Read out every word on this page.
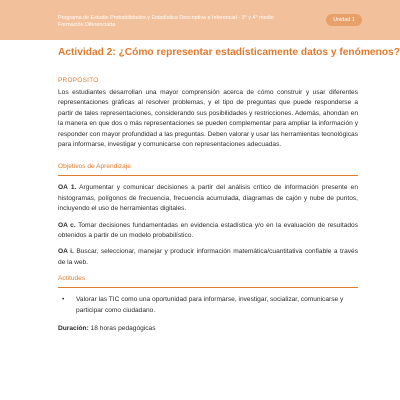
Programa de Estudio Probabilidades y Estadística Descriptiva e Inferencial - 3° y 4° medio
Formación Diferenciada
Unidad 1
Actividad 2: ¿Cómo representar estadísticamente datos y fenómenos?
PROPÓSITO

Los estudiantes desarrollan una mayor comprensión acerca de cómo construir y usar diferentes representaciones gráficas al resolver problemas, y el tipo de preguntas que puede responderse a partir de tales representaciones, considerando sus posibilidades y restricciones. Además, ahondan en la manera en que dos o más representaciones se pueden complementar para ampliar la información y responder con mayor profundidad a las preguntas. Deben valorar y usar las herramientas tecnológicas para informarse, investigar y comunicarse con representaciones adecuadas.

Objetivos de Aprendizaje

OA 1. Argumentar y comunicar decisiones a partir del análisis crítico de información presente en histogramas, polígonos de frecuencia, frecuencia acumulada, diagramas de cajón y nube de puntos, incluyendo el uso de herramientas digitales.

OA c. Tomar decisiones fundamentadas en evidencia estadística y/o en la evaluación de resultados obtenidos a partir de un modelo probabilístico.

OA i. Buscar, seleccionar, manejar y producir información matemática/cuantitativa confiable a través de la web.

Actitudes
•	Valorar las TIC como una oportunidad para informarse, investigar, socializar, comunicarse y participar como ciudadano.
Duración: 18 horas pedagógicas
